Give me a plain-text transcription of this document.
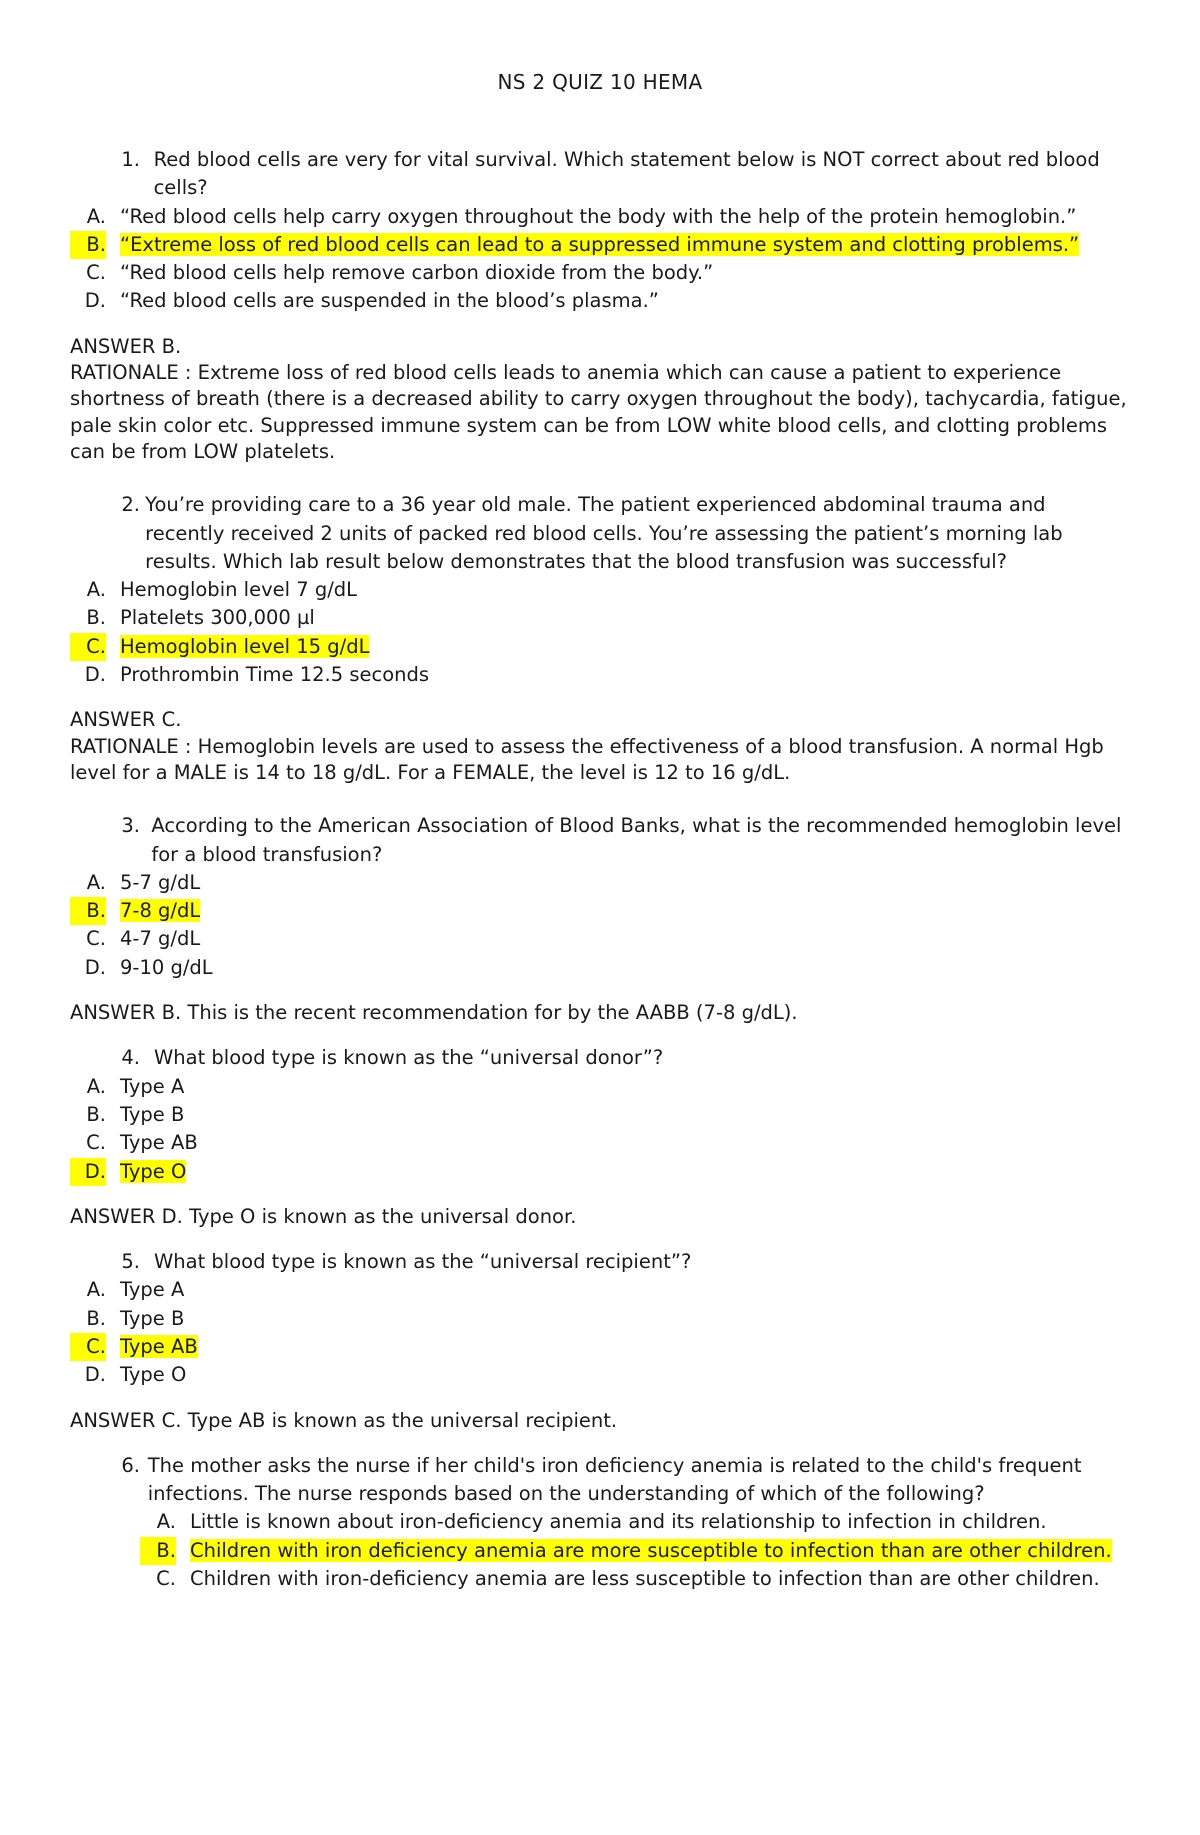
NS 2 QUIZ 10 HEMA
1. Red blood cells are very for vital survival. Which statement below is NOT correct about red blood cells?
A. “Red blood cells help carry oxygen throughout the body with the help of the protein hemoglobin.”
B. “Extreme loss of red blood cells can lead to a suppressed immune system and clotting problems.”
C. “Red blood cells help remove carbon dioxide from the body.”
D. “Red blood cells are suspended in the blood’s plasma.”
ANSWER B.
RATIONALE : Extreme loss of red blood cells leads to anemia which can cause a patient to experience shortness of breath (there is a decreased ability to carry oxygen throughout the body), tachycardia, fatigue, pale skin color etc. Suppressed immune system can be from LOW white blood cells, and clotting problems can be from LOW platelets.
2. You’re providing care to a 36 year old male. The patient experienced abdominal trauma and recently received 2 units of packed red blood cells. You’re assessing the patient’s morning lab results. Which lab result below demonstrates that the blood transfusion was successful?
A. Hemoglobin level 7 g/dL
B. Platelets 300,000 µl
C. Hemoglobin level 15 g/dL
D. Prothrombin Time 12.5 seconds
ANSWER C.
RATIONALE : Hemoglobin levels are used to assess the effectiveness of a blood transfusion. A normal Hgb level for a MALE is 14 to 18 g/dL. For a FEMALE, the level is 12 to 16 g/dL.
3. According to the American Association of Blood Banks, what is the recommended hemoglobin level for a blood transfusion?
A. 5-7 g/dL
B. 7-8 g/dL
C. 4-7 g/dL
D. 9-10 g/dL
ANSWER B. This is the recent recommendation for by the AABB (7-8 g/dL).
4. What blood type is known as the “universal donor”?
A. Type A
B. Type B
C. Type AB
D. Type O
ANSWER D. Type O is known as the universal donor.
5. What blood type is known as the “universal recipient”?
A. Type A
B. Type B
C. Type AB
D. Type O
ANSWER C. Type AB is known as the universal recipient.
6. The mother asks the nurse if her child's iron deficiency anemia is related to the child's frequent infections. The nurse responds based on the understanding of which of the following?
A. Little is known about iron-deficiency anemia and its relationship to infection in children.
B. Children with iron deficiency anemia are more susceptible to infection than are other children.
C. Children with iron-deficiency anemia are less susceptible to infection than are other children.
